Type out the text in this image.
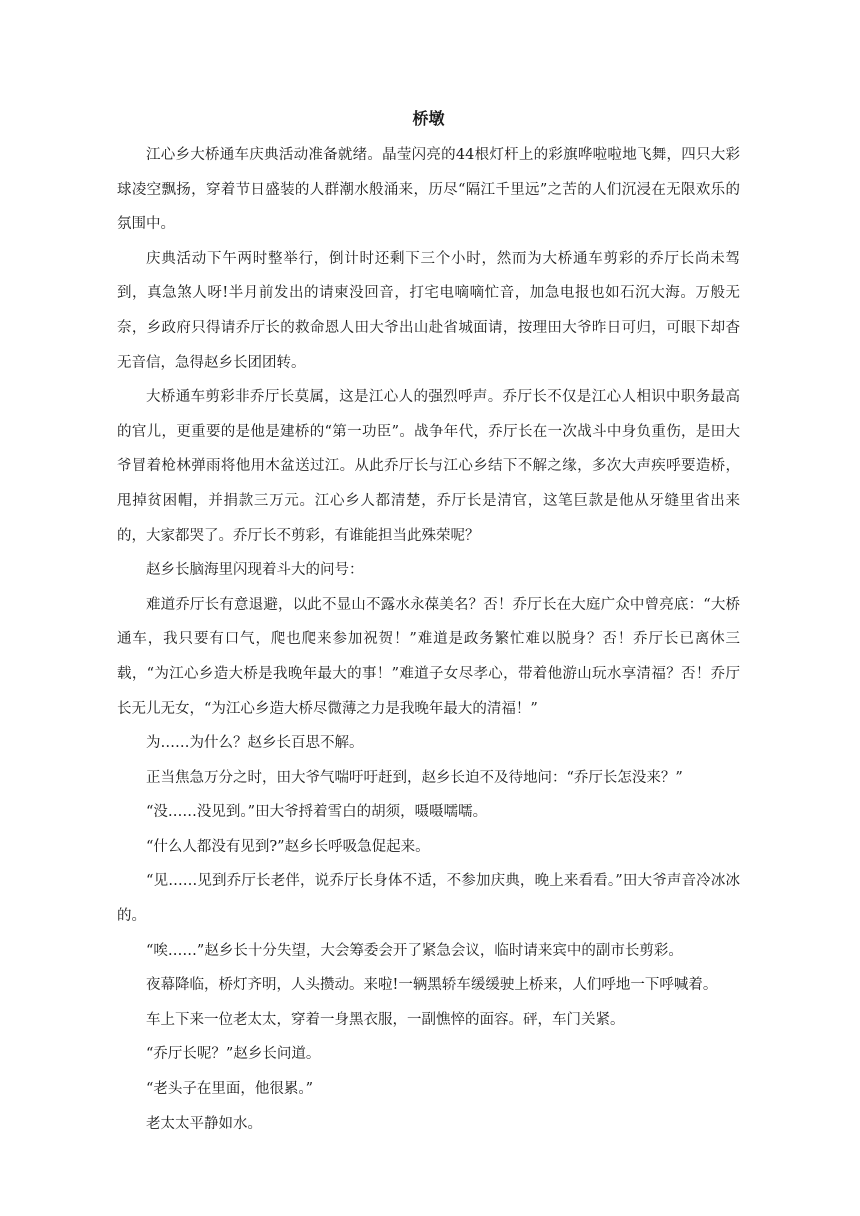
桥墩

江心乡大桥通车庆典活动准备就绪。晶莹闪亮的44根灯杆上的彩旗哗啦啦地飞舞，四只大彩球凌空飘扬，穿着节日盛装的人群潮水般涌来，历尽“隔江千里远”之苦的人们沉浸在无限欢乐的氛围中。

庆典活动下午两时整举行，倒计时还剩下三个小时，然而为大桥通车剪彩的乔厅长尚未驾到，真急煞人呀!半月前发出的请柬没回音，打宅电嘀嘀忙音，加急电报也如石沉大海。万般无奈，乡政府只得请乔厅长的救命恩人田大爷出山赴省城面请，按理田大爷昨日可归，可眼下却杳无音信，急得赵乡长团团转。

大桥通车剪彩非乔厅长莫属，这是江心人的强烈呼声。乔厅长不仅是江心人相识中职务最高的官儿，更重要的是他是建桥的“第一功臣”。战争年代，乔厅长在一次战斗中身负重伤，是田大爷冒着枪林弹雨将他用木盆送过江。从此乔厅长与江心乡结下不解之缘，多次大声疾呼要造桥，甩掉贫困帽，并捐款三万元。江心乡人都清楚，乔厅长是清官，这笔巨款是他从牙缝里省出来的，大家都哭了。乔厅长不剪彩，有谁能担当此殊荣呢？

赵乡长脑海里闪现着斗大的问号：

难道乔厅长有意退避，以此不显山不露水永葆美名？否！乔厅长在大庭广众中曾亮底：“大桥通车，我只要有口气，爬也爬来参加祝贺！”难道是政务繁忙难以脱身？否！乔厅长已离休三载，“为江心乡造大桥是我晚年最大的事！”难道子女尽孝心，带着他游山玩水享清福？否！乔厅长无儿无女，“为江心乡造大桥尽微薄之力是我晚年最大的清福！”

为……为什么？赵乡长百思不解。

正当焦急万分之时，田大爷气喘吁吁赶到，赵乡长迫不及待地问：“乔厅长怎没来？”

“没……没见到。”田大爷捋着雪白的胡须，嗫嗫嚅嚅。

“什么人都没有见到?”赵乡长呼吸急促起来。

“见……见到乔厅长老伴，说乔厅长身体不适，不参加庆典，晚上来看看。”田大爷声音冷冰冰的。

“唉……”赵乡长十分失望，大会筹委会开了紧急会议，临时请来宾中的副市长剪彩。

夜幕降临，桥灯齐明，人头攒动。来啦!一辆黑轿车缓缓驶上桥来，人们呼地一下呼喊着。

车上下来一位老太太，穿着一身黑衣服，一副憔悴的面容。砰，车门关紧。

“乔厅长呢？”赵乡长问道。

“老头子在里面，他很累。”

老太太平静如水。
